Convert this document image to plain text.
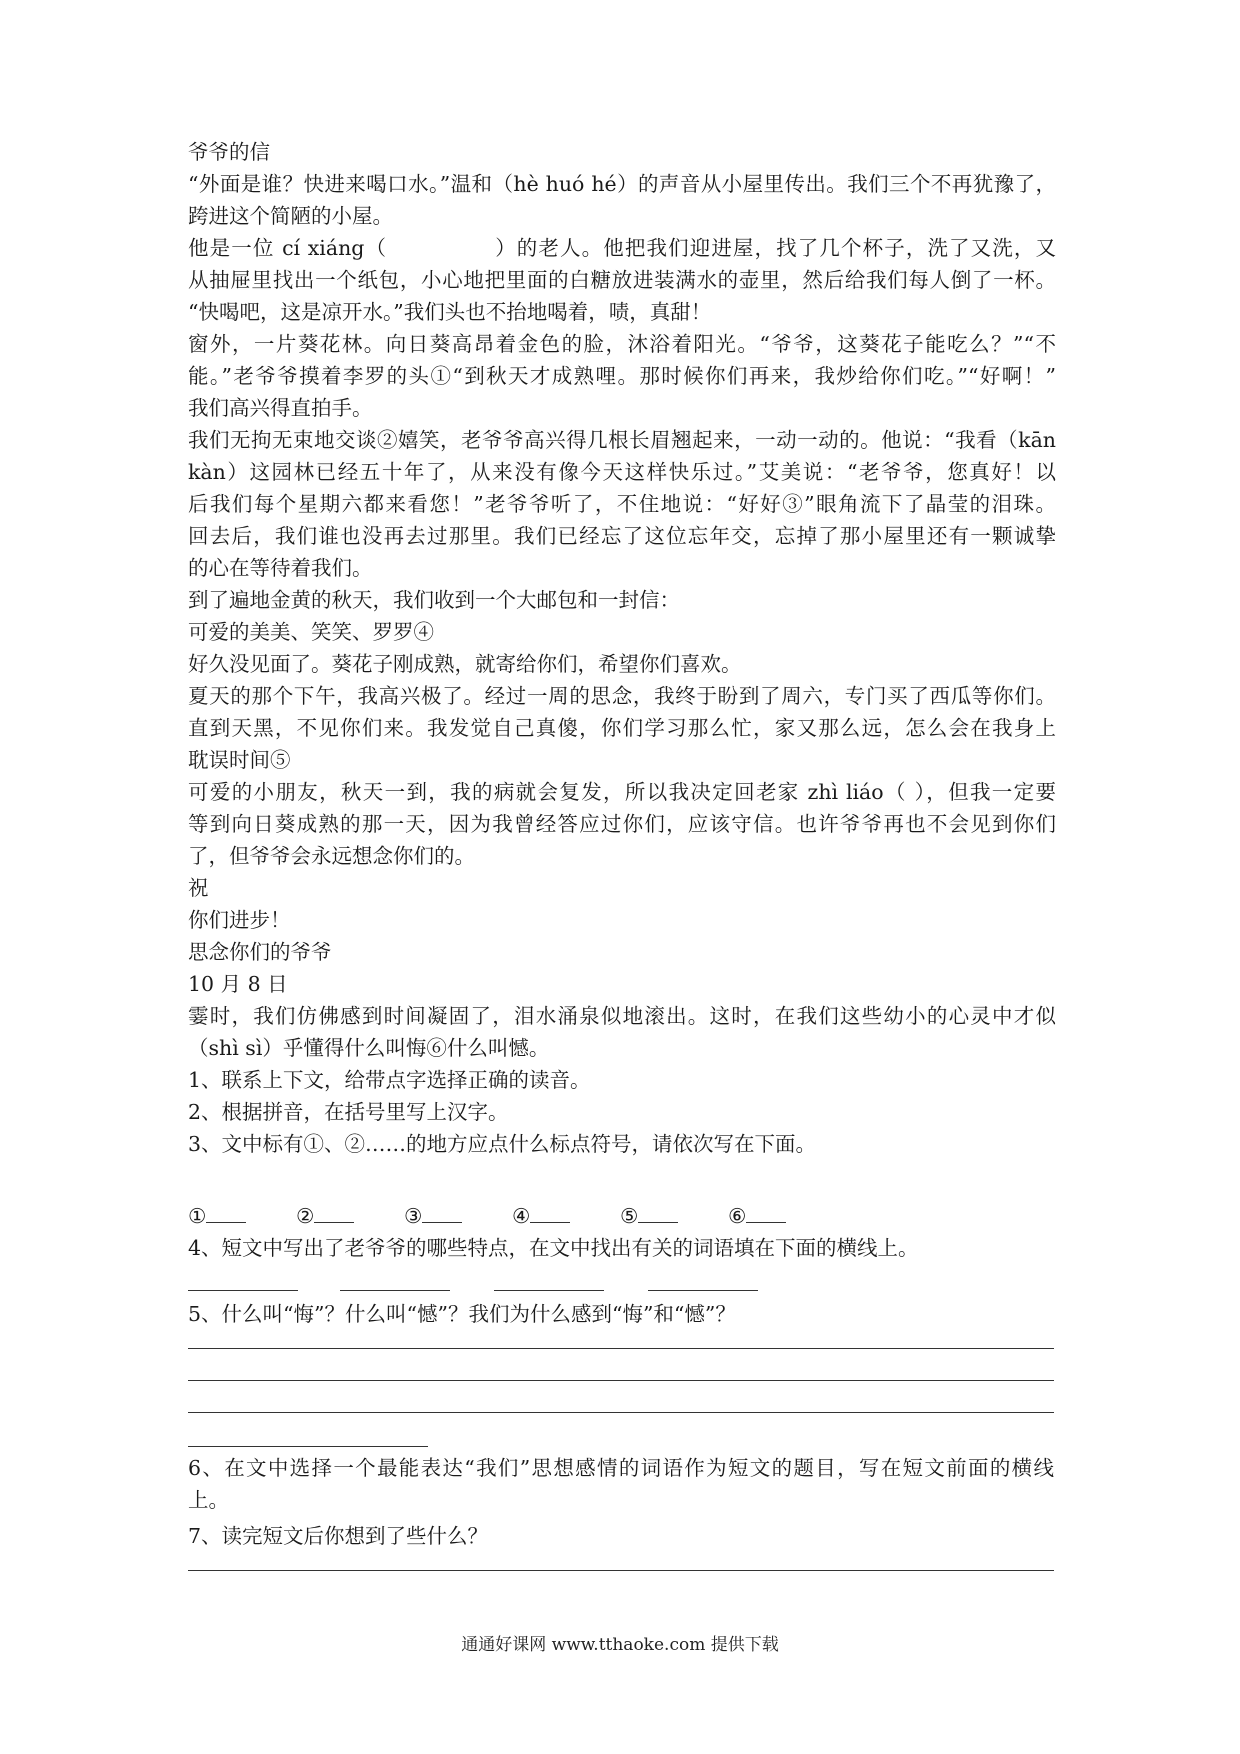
爷爷的信
“外面是谁？快进来喝口水。”温和（hè huó hé）的声音从小屋里传出。我们三个不再犹豫了，
跨进这个简陋的小屋。
他是一位 cí xiáng（　　　　　）的老人。他把我们迎进屋，找了几个杯子，洗了又洗，又
从抽屉里找出一个纸包，小心地把里面的白糖放进装满水的壶里，然后给我们每人倒了一杯。
“快喝吧，这是凉开水。”我们头也不抬地喝着，啧，真甜！
窗外，一片葵花林。向日葵高昂着金色的脸，沐浴着阳光。“爷爷，这葵花子能吃么？”“不
能。”老爷爷摸着李罗的头①“到秋天才成熟哩。那时候你们再来，我炒给你们吃。”“好啊！”
我们高兴得直拍手。
我们无拘无束地交谈②嬉笑，老爷爷高兴得几根长眉翘起来，一动一动的。他说：“我看（kān
kàn）这园林已经五十年了，从来没有像今天这样快乐过。”艾美说：“老爷爷，您真好！以
后我们每个星期六都来看您！”老爷爷听了，不住地说：“好好③”眼角流下了晶莹的泪珠。
回去后，我们谁也没再去过那里。我们已经忘了这位忘年交，忘掉了那小屋里还有一颗诚挚
的心在等待着我们。
到了遍地金黄的秋天，我们收到一个大邮包和一封信：
可爱的美美、笑笑、罗罗④
好久没见面了。葵花子刚成熟，就寄给你们，希望你们喜欢。
夏天的那个下午，我高兴极了。经过一周的思念，我终于盼到了周六，专门买了西瓜等你们。
直到天黑，不见你们来。我发觉自己真傻，你们学习那么忙，家又那么远，怎么会在我身上
耽误时间⑤
可爱的小朋友，秋天一到，我的病就会复发，所以我决定回老家 zhì liáo（ ），但我一定要
等到向日葵成熟的那一天，因为我曾经答应过你们，应该守信。也许爷爷再也不会见到你们
了，但爷爷会永远想念你们的。
祝
你们进步！
思念你们的爷爷
10 月 8 日
霎时，我们仿佛感到时间凝固了，泪水涌泉似地滚出。这时，在我们这些幼小的心灵中才似
（shì sì）乎懂得什么叫悔⑥什么叫憾。
1、联系上下文，给带点字选择正确的读音。
2、根据拼音，在括号里写上汉字。
3、文中标有①、②……的地方应点什么标点符号，请依次写在下面。
①	②	③	④	⑤	⑥
4、短文中写出了老爷爷的哪些特点，在文中找出有关的词语填在下面的横线上。
5、什么叫“悔”？什么叫“憾”？我们为什么感到“悔”和“憾”？
6、在文中选择一个最能表达“我们”思想感情的词语作为短文的题目，写在短文前面的横线
上。
7、读完短文后你想到了些什么？
通通好课网 www.tthaoke.com 提供下载
